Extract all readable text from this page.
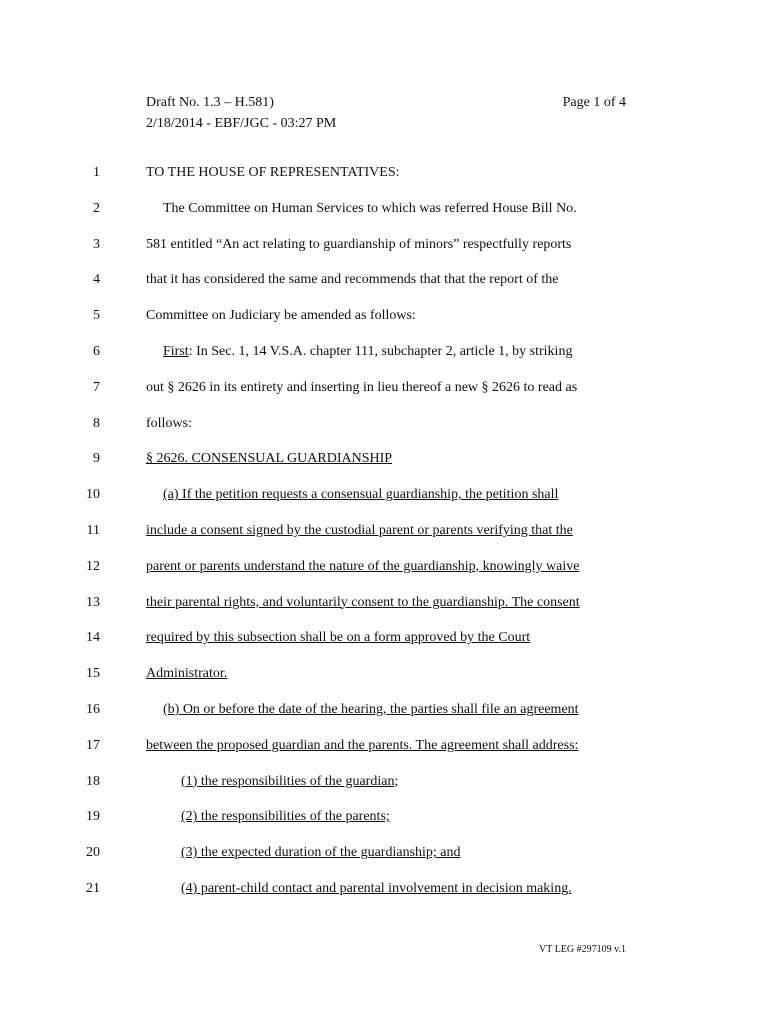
Draft No. 1.3 – H.581)
2/18/2014 - EBF/JGC - 03:27 PM
Page 1 of 4
1	TO THE HOUSE OF REPRESENTATIVES:
2	The Committee on Human Services to which was referred House Bill No.
3	581 entitled “An act relating to guardianship of minors” respectfully reports
4	that it has considered the same and recommends that that the report of the
5	Committee on Judiciary be amended as follows:
6	First: In Sec. 1, 14 V.S.A. chapter 111, subchapter 2, article 1, by striking
7	out § 2626 in its entirety and inserting in lieu thereof a new § 2626 to read as
8	follows:
9	§ 2626. CONSENSUAL GUARDIANSHIP
10	(a) If the petition requests a consensual guardianship, the petition shall
11	include a consent signed by the custodial parent or parents verifying that the
12	parent or parents understand the nature of the guardianship, knowingly waive
13	their parental rights, and voluntarily consent to the guardianship. The consent
14	required by this subsection shall be on a form approved by the Court
15	Administrator.
16	(b) On or before the date of the hearing, the parties shall file an agreement
17	between the proposed guardian and the parents. The agreement shall address:
18	(1) the responsibilities of the guardian;
19	(2) the responsibilities of the parents;
20	(3) the expected duration of the guardianship; and
21	(4) parent-child contact and parental involvement in decision making.
VT LEG #297109 v.1
